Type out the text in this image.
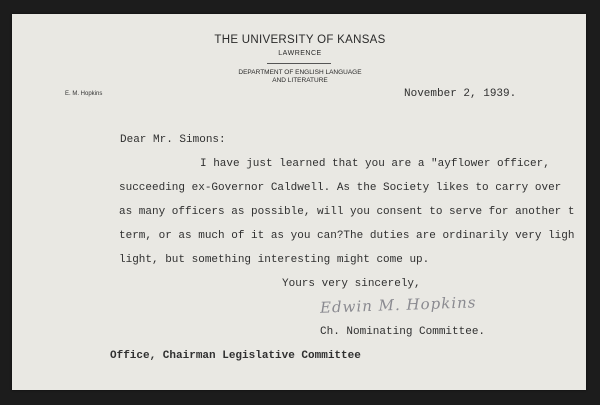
THE UNIVERSITY OF KANSAS
LAWRENCE
DEPARTMENT OF ENGLISH LANGUAGE
AND LITERATURE
E. M. Hopkins	November 2, 1939.
Dear Mr. Simons:
I have just learned that you are a "ayflower officer,
succeeding ex-Governor Caldwell. As the Society likes to carry over
as many officers as possible, will you consent to serve for another t
term, or as much of it as you can?The duties are ordinarily very ligh
light, but something interesting might come up.
Yours very sincerely,
Edwin M. Hopkins
Ch. Nominating Committee.
Office, Chairman Legislative Committee
